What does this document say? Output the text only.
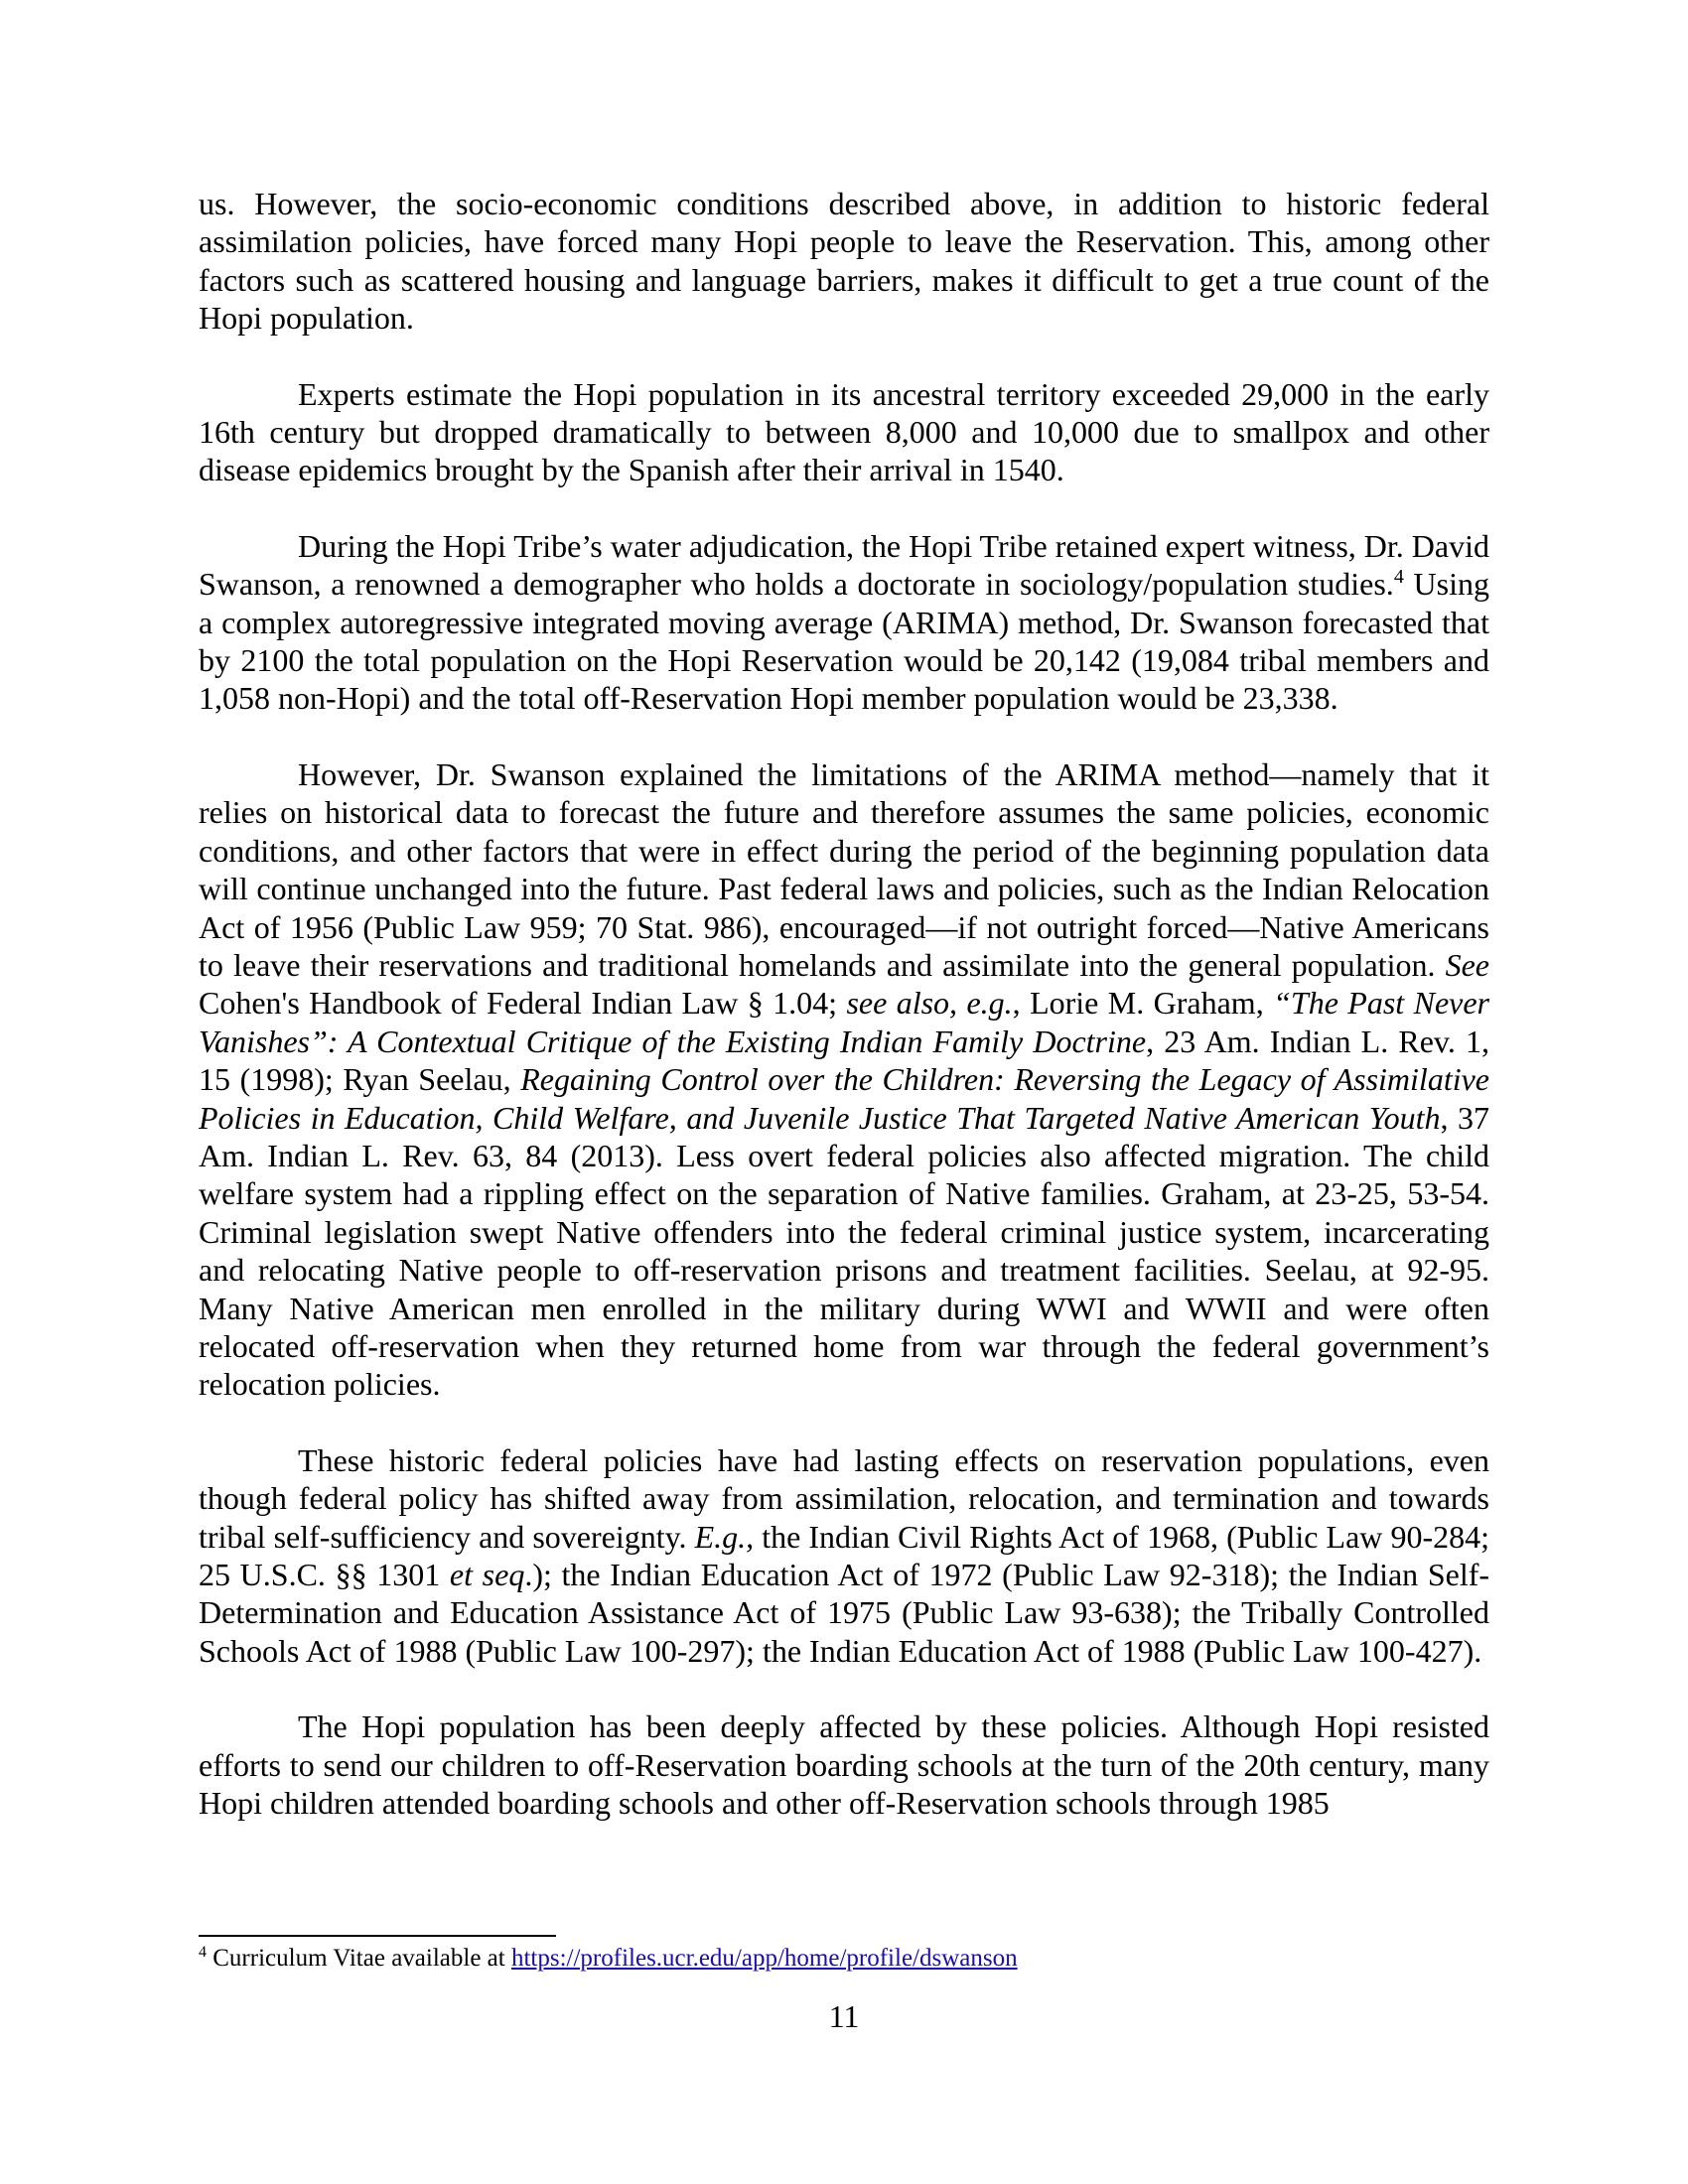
us. However, the socio-economic conditions described above, in addition to historic federal assimilation policies, have forced many Hopi people to leave the Reservation. This, among other factors such as scattered housing and language barriers, makes it difficult to get a true count of the Hopi population.

Experts estimate the Hopi population in its ancestral territory exceeded 29,000 in the early 16th century but dropped dramatically to between 8,000 and 10,000 due to smallpox and other disease epidemics brought by the Spanish after their arrival in 1540.

During the Hopi Tribe’s water adjudication, the Hopi Tribe retained expert witness, Dr. David Swanson, a renowned a demographer who holds a doctorate in sociology/population studies.$^4$ Using a complex autoregressive integrated moving average (ARIMA) method, Dr. Swanson forecasted that by 2100 the total population on the Hopi Reservation would be 20,142 (19,084 tribal members and 1,058 non-Hopi) and the total off-Reservation Hopi member population would be 23,338.

However, Dr. Swanson explained the limitations of the ARIMA method—namely that it relies on historical data to forecast the future and therefore assumes the same policies, economic conditions, and other factors that were in effect during the period of the beginning population data will continue unchanged into the future. Past federal laws and policies, such as the Indian Relocation Act of 1956 (Public Law 959; 70 Stat. 986), encouraged—if not outright forced—Native Americans to leave their reservations and traditional homelands and assimilate into the general population. See Cohen's Handbook of Federal Indian Law § 1.04; see also, e.g., Lorie M. Graham, “The Past Never Vanishes”: A Contextual Critique of the Existing Indian Family Doctrine, 23 Am. Indian L. Rev. 1, 15 (1998); Ryan Seelau, Regaining Control over the Children: Reversing the Legacy of Assimilative Policies in Education, Child Welfare, and Juvenile Justice That Targeted Native American Youth, 37 Am. Indian L. Rev. 63, 84 (2013). Less overt federal policies also affected migration. The child welfare system had a rippling effect on the separation of Native families. Graham, at 23-25, 53-54. Criminal legislation swept Native offenders into the federal criminal justice system, incarcerating and relocating Native people to off-reservation prisons and treatment facilities. Seelau, at 92-95. Many Native American men enrolled in the military during WWI and WWII and were often relocated off-reservation when they returned home from war through the federal government’s relocation policies.

These historic federal policies have had lasting effects on reservation populations, even though federal policy has shifted away from assimilation, relocation, and termination and towards tribal self-sufficiency and sovereignty. E.g., the Indian Civil Rights Act of 1968, (Public Law 90-284; 25 U.S.C. §§ 1301 et seq.); the Indian Education Act of 1972 (Public Law 92-318); the Indian Self-Determination and Education Assistance Act of 1975 (Public Law 93-638); the Tribally Controlled Schools Act of 1988 (Public Law 100-297); the Indian Education Act of 1988 (Public Law 100-427).

The Hopi population has been deeply affected by these policies. Although Hopi resisted efforts to send our children to off-Reservation boarding schools at the turn of the 20th century, many Hopi children attended boarding schools and other off-Reservation schools through 1985

$^4$ Curriculum Vitae available at https://profiles.ucr.edu/app/home/profile/dswanson
11
